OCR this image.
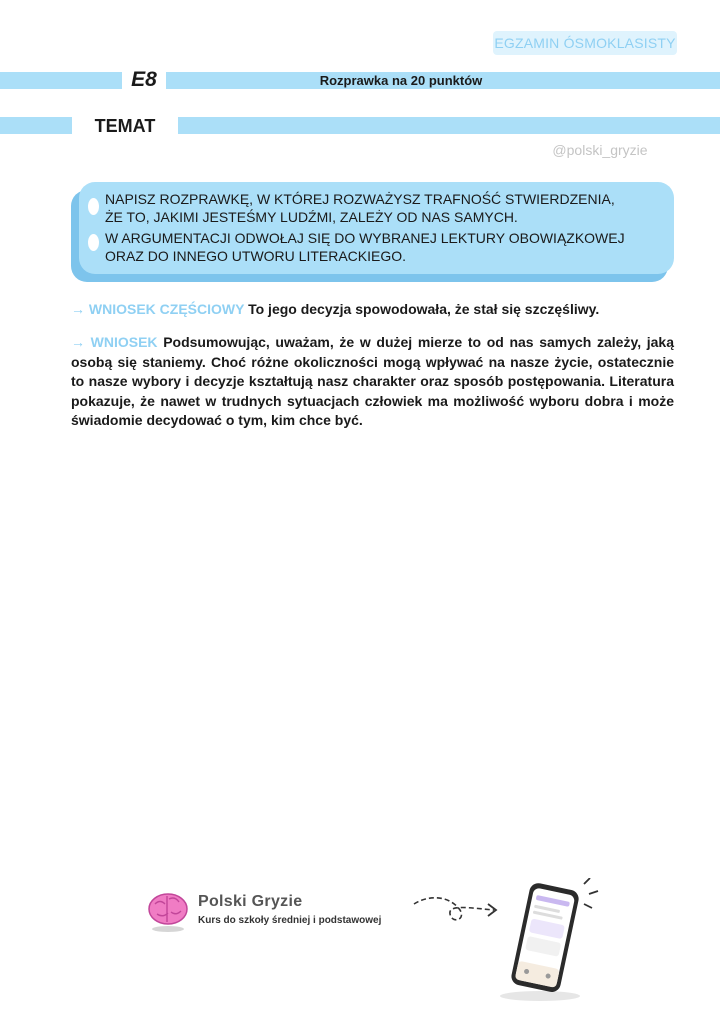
EGZAMIN ÓSMOKLASISTY
E8	Rozprawka na 20 punktów
TEMAT
@polski_gryzie
NAPISZ ROZPRAWKĘ, W KTÓREJ ROZWAŻYSZ TRAFNOŚĆ STWIERDZENIA,
ŻE TO, JAKIMI JESTEŚMY LUDŹMI, ZALEŻY OD NAS SAMYCH.
W ARGUMENTACJI ODWOŁAJ SIĘ DO WYBRANEJ LEKTURY OBOWIĄZKOWEJ
ORAZ DO INNEGO UTWORU LITERACKIEGO.
→ WNIOSEK CZĘŚCIOWY To jego decyzja spowodowała, że stał się szczęśliwy.
→ WNIOSEK Podsumowując, uważam, że w dużej mierze to od nas samych zależy, jaką osobą się staniemy. Choć różne okoliczności mogą wpływać na nasze życie, ostatecznie to nasze wybory i decyzje kształtują nasz charakter oraz sposób postępowania. Literatura pokazuje, że nawet w trudnych sytuacjach człowiek ma możliwość wyboru dobra i może świadomie decydować o tym, kim chce być.
Polski Gryzie
Kurs do szkoły średniej i podstawowej
